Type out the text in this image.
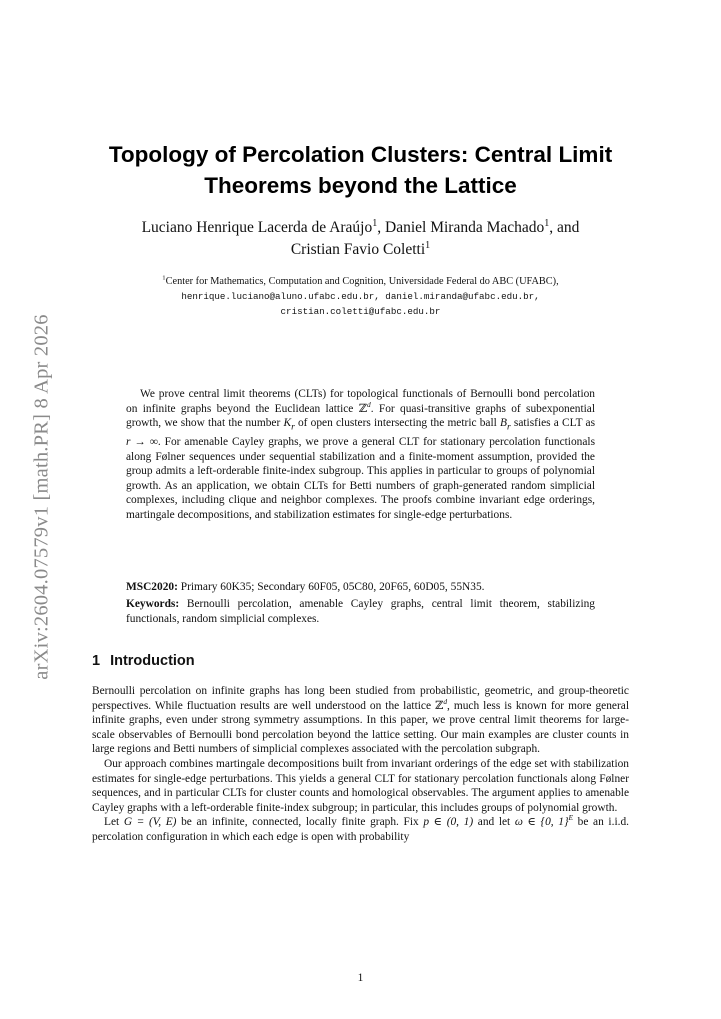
arXiv:2604.07579v1 [math.PR] 8 Apr 2026
Topology of Percolation Clusters: Central Limit Theorems beyond the Lattice
Luciano Henrique Lacerda de Araújo$^1$, Daniel Miranda Machado$^1$, and
Cristian Favio Coletti$^1$
$^1$Center for Mathematics, Computation and Cognition, Universidade Federal do ABC (UFABC),
henrique.luciano@aluno.ufabc.edu.br, daniel.miranda@ufabc.edu.br,
cristian.coletti@ufabc.edu.br

We prove central limit theorems (CLTs) for topological functionals of Bernoulli bond percolation on infinite graphs beyond the Euclidean lattice ℤ$^d$. For quasi-transitive graphs of subexponential growth, we show that the number $K_r$ of open clusters intersecting the metric ball $B_r$ satisfies a CLT as r → ∞. For amenable Cayley graphs, we prove a general CLT for stationary percolation functionals along Følner sequences under sequential stabilization and a finite-moment assumption, provided the group admits a left-orderable finite-index subgroup. This applies in particular to groups of polynomial growth. As an application, we obtain CLTs for Betti numbers of graph-generated random simplicial complexes, including clique and neighbor complexes. The proofs combine invariant edge orderings, martingale decompositions, and stabilization estimates for single-edge perturbations.

MSC2020: Primary 60K35; Secondary 60F05, 05C80, 20F65, 60D05, 55N35.

Keywords: Bernoulli percolation, amenable Cayley graphs, central limit theorem, stabilizing functionals, random simplicial complexes.

1 Introduction

Bernoulli percolation on infinite graphs has long been studied from probabilistic, geometric, and group-theoretic perspectives. While fluctuation results are well understood on the lattice ℤ$^d$, much less is known for more general infinite graphs, even under strong symmetry assumptions. In this paper, we prove central limit theorems for large-scale observables of Bernoulli bond percolation beyond the lattice setting. Our main examples are cluster counts in large regions and Betti numbers of simplicial complexes associated with the percolation subgraph.

Our approach combines martingale decompositions built from invariant orderings of the edge set with stabilization estimates for single-edge perturbations. This yields a general CLT for stationary percolation functionals along Følner sequences, and in particular CLTs for cluster counts and homological observables. The argument applies to amenable Cayley graphs with a left-orderable finite-index subgroup; in particular, this includes groups of polynomial growth.

Let G = (V, E) be an infinite, connected, locally finite graph. Fix p ∈ (0, 1) and let ω ∈ {0, 1}$^E$ be an i.i.d. percolation configuration in which each edge is open with probability

1
